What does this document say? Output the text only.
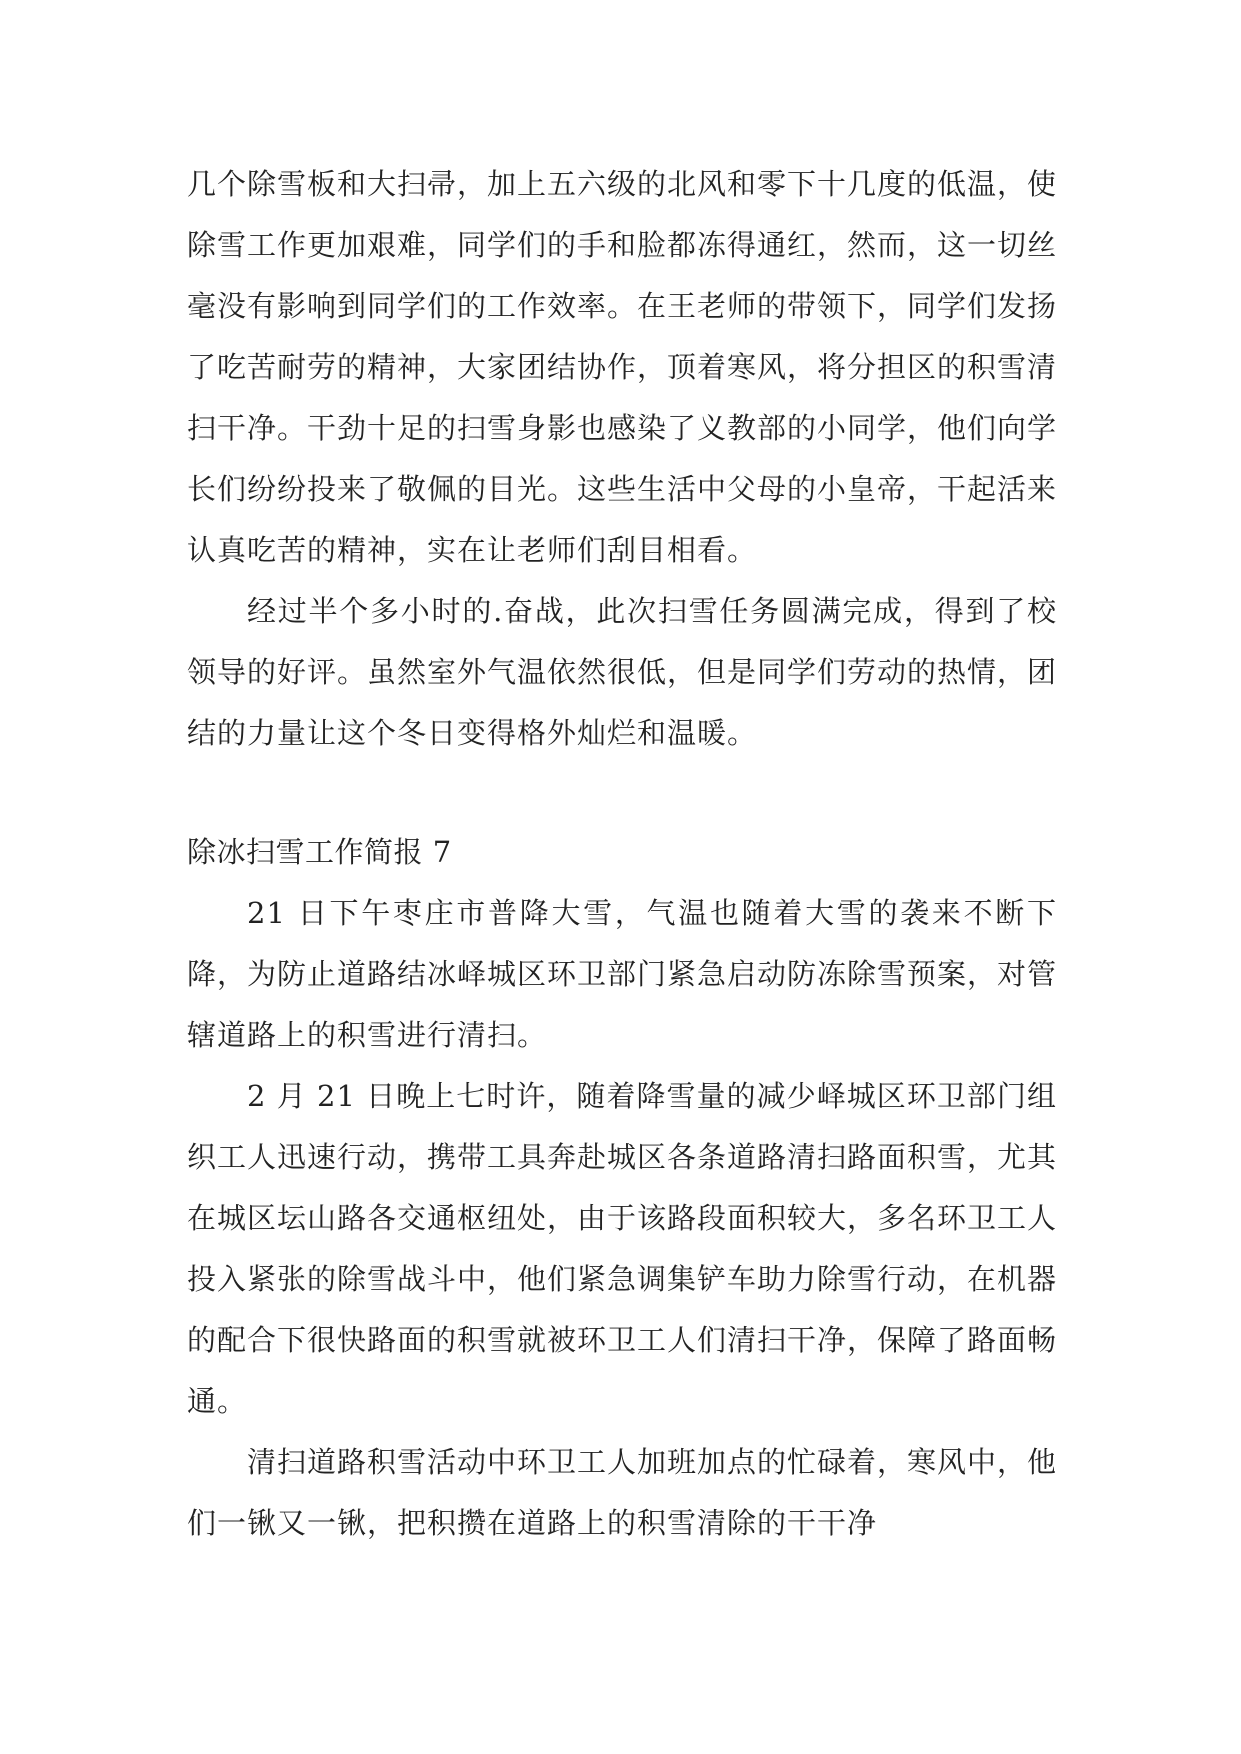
几个除雪板和大扫帚，加上五六级的北风和零下十几度的低温，使除雪工作更加艰难，同学们的手和脸都冻得通红，然而，这一切丝毫没有影响到同学们的工作效率。在王老师的带领下，同学们发扬了吃苦耐劳的精神，大家团结协作，顶着寒风，将分担区的积雪清扫干净。干劲十足的扫雪身影也感染了义教部的小同学，他们向学长们纷纷投来了敬佩的目光。这些生活中父母的小皇帝，干起活来认真吃苦的精神，实在让老师们刮目相看。

经过半个多小时的.奋战，此次扫雪任务圆满完成，得到了校领导的好评。虽然室外气温依然很低，但是同学们劳动的热情，团结的力量让这个冬日变得格外灿烂和温暖。

除冰扫雪工作简报 7

21 日下午枣庄市普降大雪，气温也随着大雪的袭来不断下降，为防止道路结冰峄城区环卫部门紧急启动防冻除雪预案，对管辖道路上的积雪进行清扫。

2 月 21 日晚上七时许，随着降雪量的减少峄城区环卫部门组织工人迅速行动，携带工具奔赴城区各条道路清扫路面积雪，尤其在城区坛山路各交通枢纽处，由于该路段面积较大，多名环卫工人投入紧张的除雪战斗中，他们紧急调集铲车助力除雪行动，在机器的配合下很快路面的积雪就被环卫工人们清扫干净，保障了路面畅通。

清扫道路积雪活动中环卫工人加班加点的忙碌着，寒风中，他们一锹又一锹，把积攒在道路上的积雪清除的干干净
